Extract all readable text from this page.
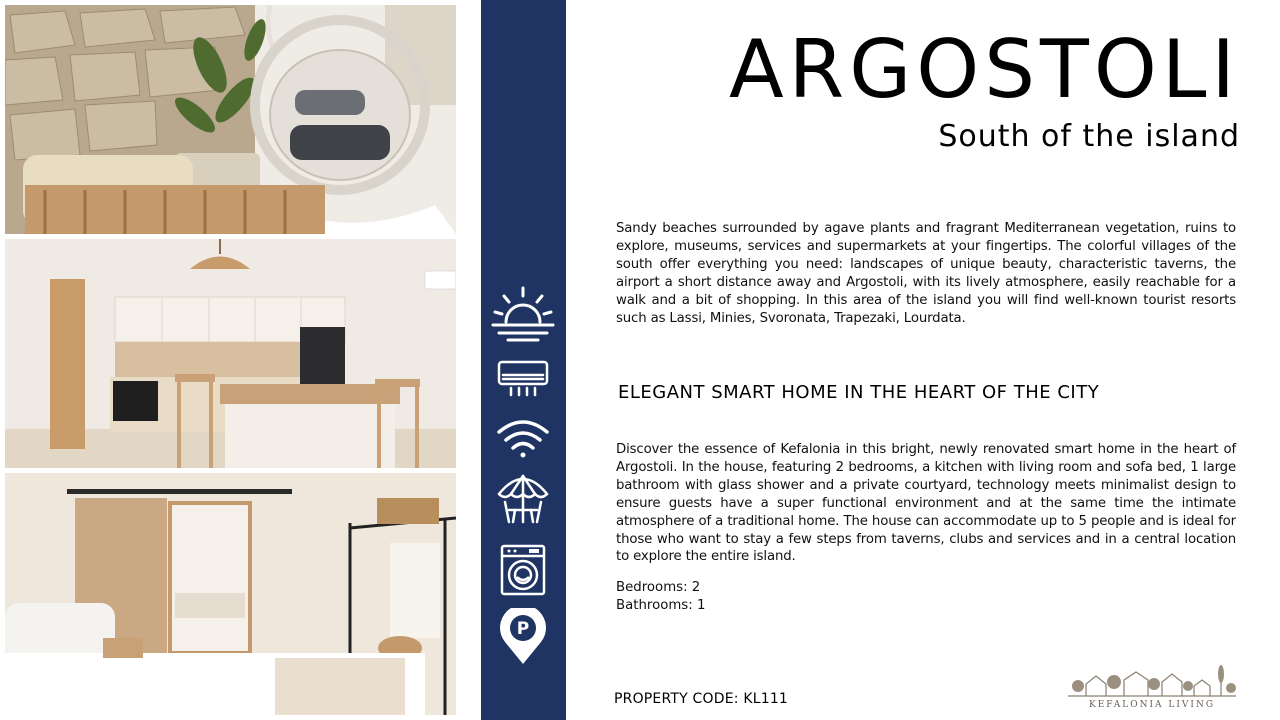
P
ARGOSTOLI
South of the island

Sandy beaches surrounded by agave plants and fragrant Mediterranean vegetation, ruins to explore, museums, services and supermarkets at your fingertips. The colorful villages of the south offer everything you need: landscapes of unique beauty, characteristic taverns, the airport a short distance away and Argostoli, with its lively atmosphere, easily reachable for a walk and a bit of shopping. In this area of the island you will find well-known tourist resorts such as Lassi, Minies, Svoronata, Trapezaki, Lourdata.

ELEGANT SMART HOME IN THE HEART OF THE CITY

Discover the essence of Kefalonia in this bright, newly renovated smart home in the heart of Argostoli. In the house, featuring 2 bedrooms, a kitchen with living room and sofa bed, 1 large bathroom with glass shower and a private courtyard, technology meets minimalist design to ensure guests have a super functional environment and at the same time the intimate atmosphere of a traditional home. The house can accommodate up to 5 people and is ideal for those who want to stay a few steps from taverns, clubs and services and in a central location to explore the entire island.

Bedrooms: 2
Bathrooms: 1
PROPERTY CODE: KL111	KEFALONIA LIVING
